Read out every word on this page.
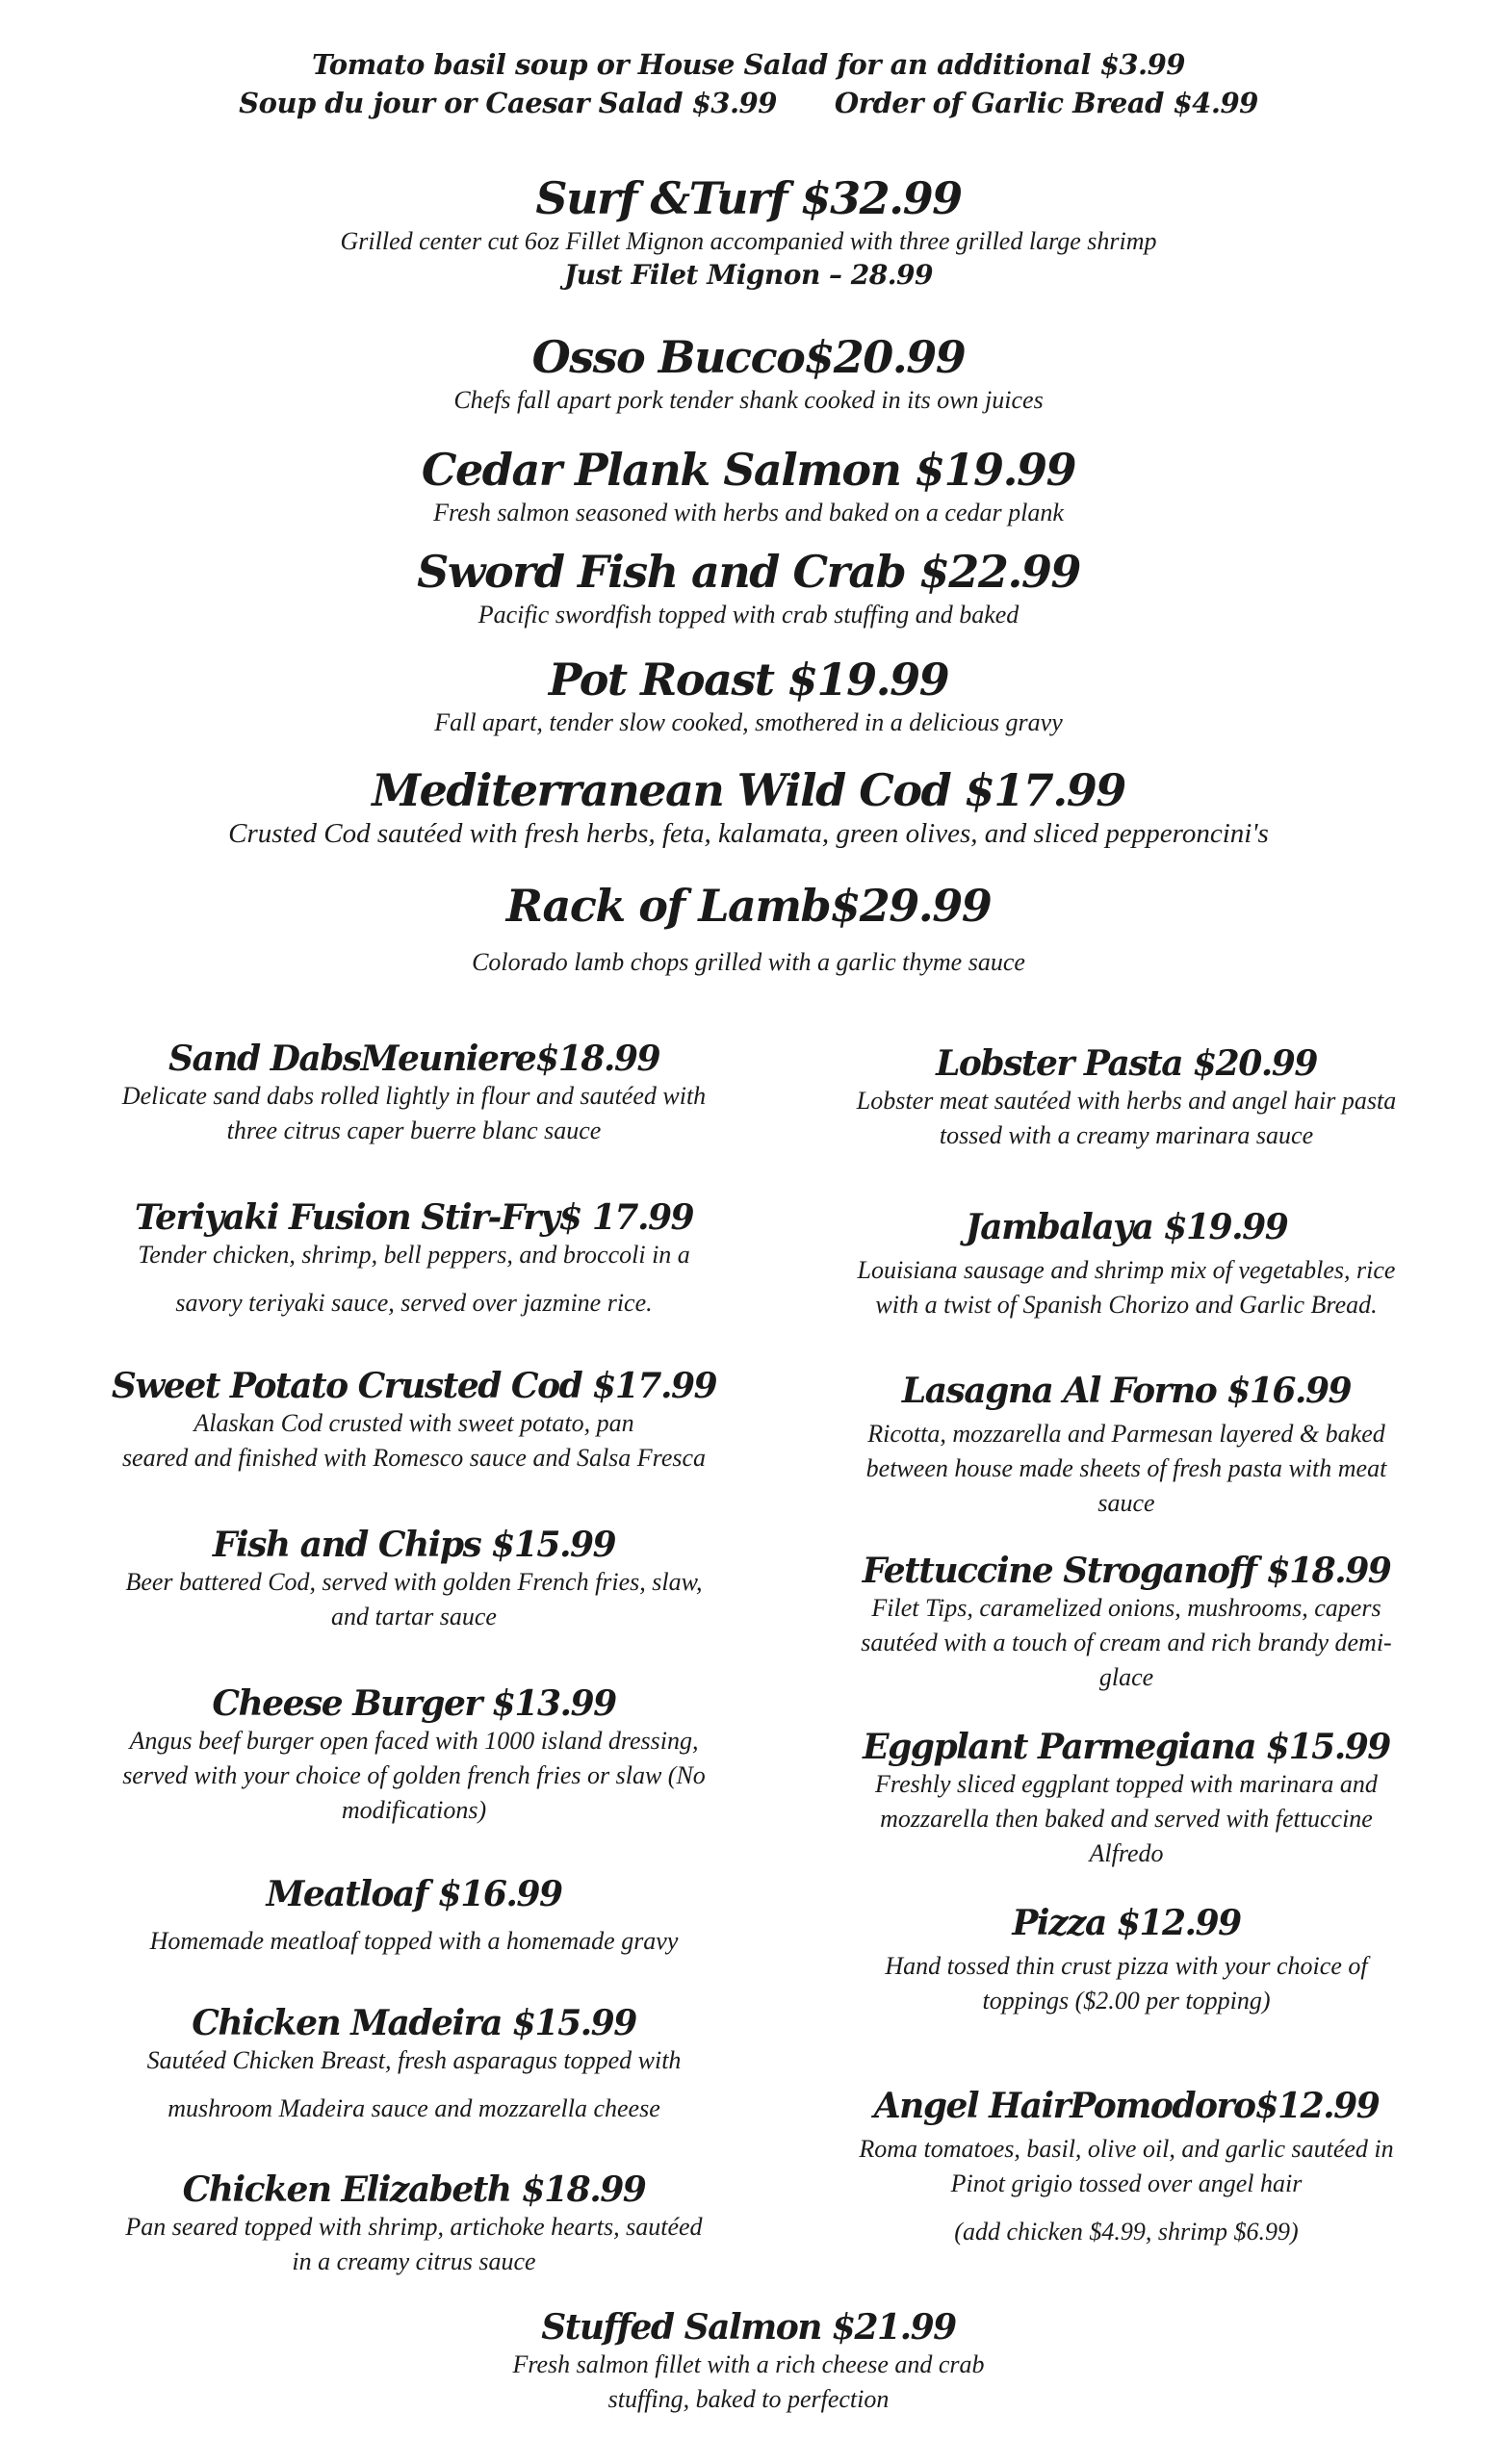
Tomato basil soup or House Salad for an additional $3.99
Soup du jour or Caesar Salad $3.99 Order of Garlic Bread $4.99
Surf &Turf $32.99
Grilled center cut 6oz Fillet Mignon accompanied with three grilled large shrimp
Just Filet Mignon – 28.99
Osso Bucco$20.99
Chefs fall apart pork tender shank cooked in its own juices
Cedar Plank Salmon $19.99
Fresh salmon seasoned with herbs and baked on a cedar plank
Sword Fish and Crab $22.99
Pacific swordfish topped with crab stuffing and baked
Pot Roast $19.99
Fall apart, tender slow cooked, smothered in a delicious gravy
Mediterranean Wild Cod $17.99
Crusted Cod sautéed with fresh herbs, feta, kalamata, green olives, and sliced pepperoncini's
Rack of Lamb$29.99
Colorado lamb chops grilled with a garlic thyme sauce
Sand DabsMeuniere$18.99
Delicate sand dabs rolled lightly in flour and sautéed with
three citrus caper buerre blanc sauce
Teriyaki Fusion Stir-Fry$ 17.99
Tender chicken, shrimp, bell peppers, and broccoli in a
savory teriyaki sauce, served over jazmine rice.
Sweet Potato Crusted Cod $17.99
Alaskan Cod crusted with sweet potato, pan
seared and finished with Romesco sauce and Salsa Fresca
Fish and Chips $15.99
Beer battered Cod, served with golden French fries, slaw,
and tartar sauce
Cheese Burger $13.99
Angus beef burger open faced with 1000 island dressing,
served with your choice of golden french fries or slaw (No
modifications)
Meatloaf $16.99
Homemade meatloaf topped with a homemade gravy
Chicken Madeira $15.99
Sautéed Chicken Breast, fresh asparagus topped with
mushroom Madeira sauce and mozzarella cheese
Chicken Elizabeth $18.99
Pan seared topped with shrimp, artichoke hearts, sautéed
in a creamy citrus sauce
Lobster Pasta $20.99
Lobster meat sautéed with herbs and angel hair pasta
tossed with a creamy marinara sauce
Jambalaya $19.99
Louisiana sausage and shrimp mix of vegetables, rice
with a twist of Spanish Chorizo and Garlic Bread.
Lasagna Al Forno $16.99
Ricotta, mozzarella and Parmesan layered & baked
between house made sheets of fresh pasta with meat
sauce
Fettuccine Stroganoff $18.99
Filet Tips, caramelized onions, mushrooms, capers
sautéed with a touch of cream and rich brandy demi-
glace
Eggplant Parmegiana $15.99
Freshly sliced eggplant topped with marinara and
mozzarella then baked and served with fettuccine
Alfredo
Pizza $12.99
Hand tossed thin crust pizza with your choice of
toppings ($2.00 per topping)
Angel HairPomodoro$12.99
Roma tomatoes, basil, olive oil, and garlic sautéed in
Pinot grigio tossed over angel hair
(add chicken $4.99, shrimp $6.99)
Stuffed Salmon $21.99
Fresh salmon fillet with a rich cheese and crab
stuffing, baked to perfection
